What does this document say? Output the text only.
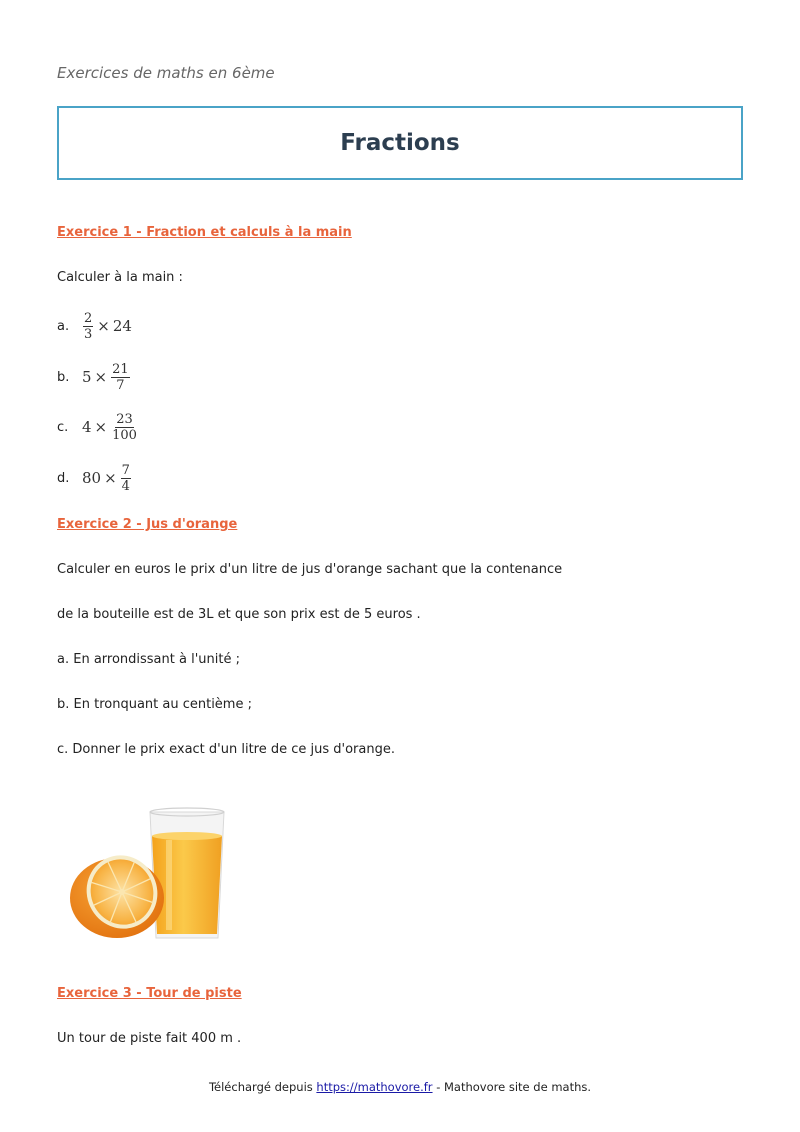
Exercices de maths en 6ème
Fractions
Exercice 1 - Fraction et calculs à la main
Calculer à la main :
a.	$\frac{2}{3} \times 24$
b. $5 \times \frac{21}{7}$
c. $4 \times \frac{23}{100}$
d. $80 \times \frac{7}{4}$
Exercice 2 - Jus d'orange
Calculer en euros le prix d'un litre de jus d'orange sachant que la contenance
de la bouteille est de 3L et que son prix est de 5 euros .
a. En arrondissant à l'unité ;
b. En tronquant au centième ;
c. Donner le prix exact d'un litre de ce jus d'orange.
Exercice 3 - Tour de piste
Un tour de piste fait 400 m .
Téléchargé depuis https://mathovore.fr - Mathovore site de maths.
